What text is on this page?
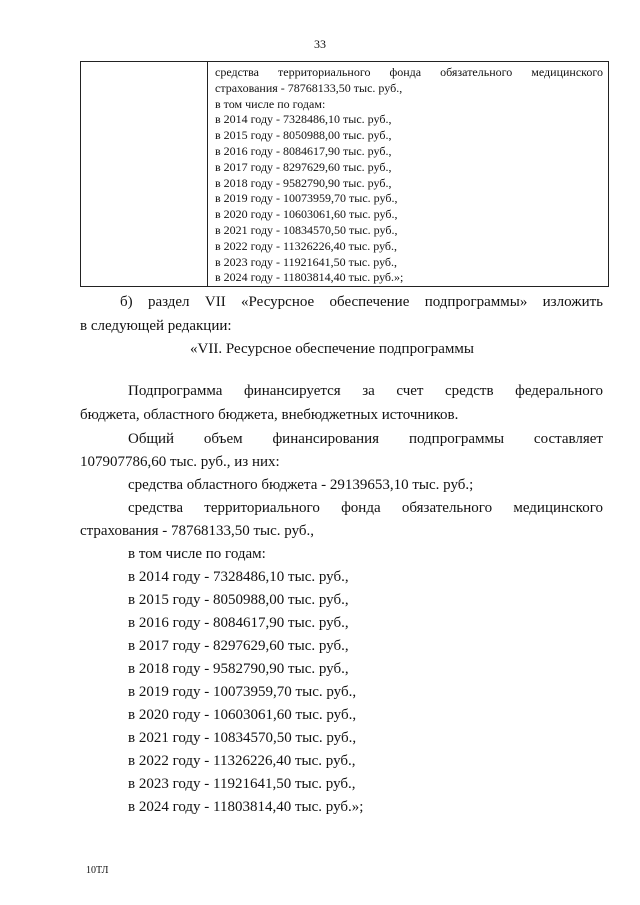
33

средства территориального фонда обязательного медицинского
страхования - 78768133,50 тыс. руб.,
в том числе по годам:
в 2014 году - 7328486,10 тыс. руб.,
в 2015 году - 8050988,00 тыс. руб.,
в 2016 году - 8084617,90 тыс. руб.,
в 2017 году - 8297629,60 тыс. руб.,
в 2018 году - 9582790,90 тыс. руб.,
в 2019 году - 10073959,70 тыс. руб.,
в 2020 году - 10603061,60 тыс. руб.,
в 2021 году - 10834570,50 тыс. руб.,
в 2022 году - 11326226,40 тыс. руб.,
в 2023 году - 11921641,50 тыс. руб.,
в 2024 году - 11803814,40 тыс. руб.»;
б) раздел VII «Ресурсное обеспечение подпрограммы» изложить
в следующей редакции:
«VII. Ресурсное обеспечение подпрограммы
Подпрограмма финансируется за счет средств федерального
бюджета, областного бюджета, внебюджетных источников.
Общий объем финансирования подпрограммы составляет
107907786,60 тыс. руб., из них:
средства областного бюджета - 29139653,10 тыс. руб.;
средства территориального фонда обязательного медицинского
страхования - 78768133,50 тыс. руб.,
в том числе по годам:
в 2014 году - 7328486,10 тыс. руб.,
в 2015 году - 8050988,00 тыс. руб.,
в 2016 году - 8084617,90 тыс. руб.,
в 2017 году - 8297629,60 тыс. руб.,
в 2018 году - 9582790,90 тыс. руб.,
в 2019 году - 10073959,70 тыс. руб.,
в 2020 году - 10603061,60 тыс. руб.,
в 2021 году - 10834570,50 тыс. руб.,
в 2022 году - 11326226,40 тыс. руб.,
в 2023 году - 11921641,50 тыс. руб.,
в 2024 году - 11803814,40 тыс. руб.»;
10ТЛ
